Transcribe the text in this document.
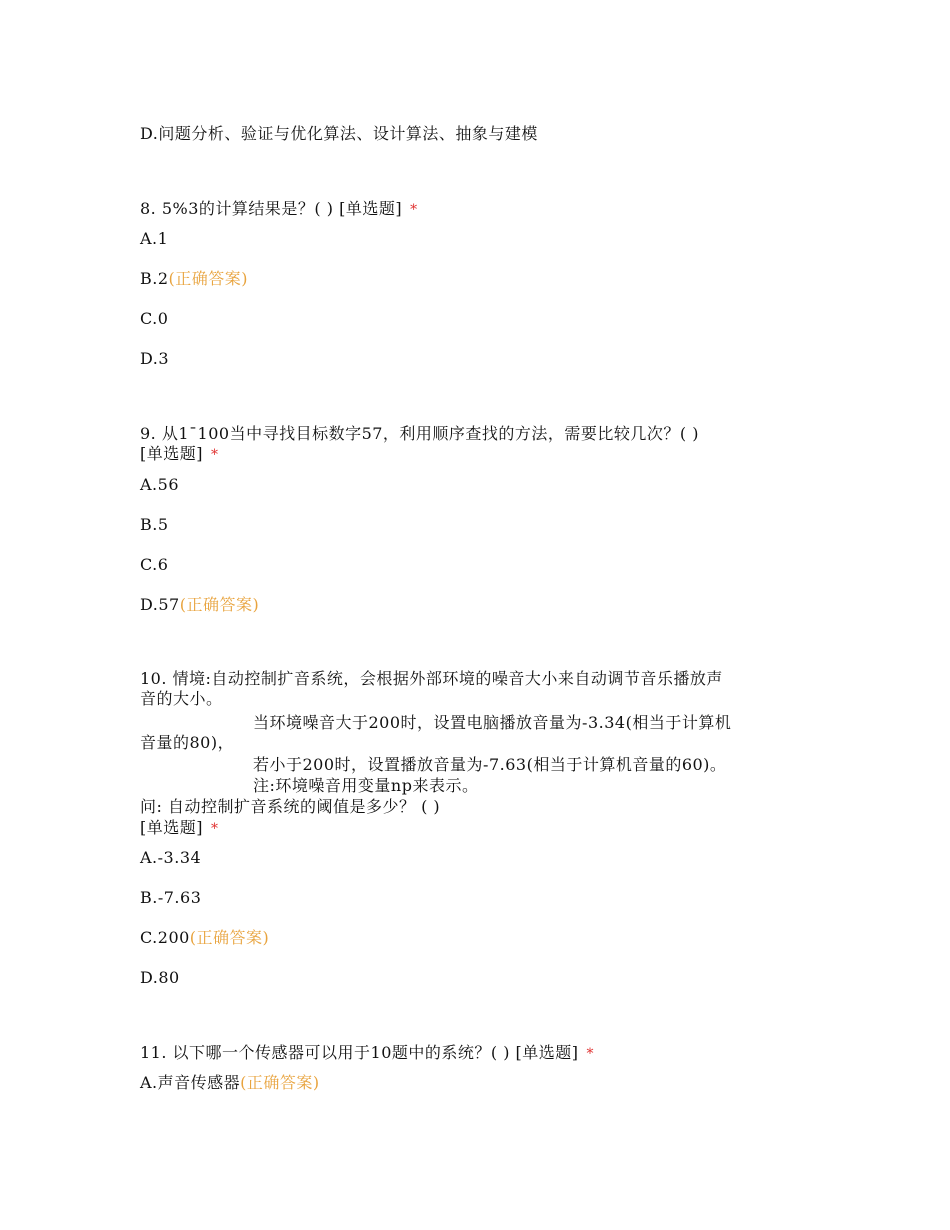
D.问题分析、验证与优化算法、设计算法、抽象与建模
8. 5%3的计算结果是？( ) [单选题] *
A.1
B.2(正确答案)
C.0
D.3
9. 从1¯100当中寻找目标数字57，利用顺序查找的方法，需要比较几次？( )
[单选题] *
A.56
B.5
C.6
D.57(正确答案)
10. 情境:自动控制扩音系统，会根据外部环境的噪音大小来自动调节音乐播放声
音的大小。
当环境噪音大于200时，设置电脑播放音量为-3.34(相当于计算机
音量的80)，
若小于200时，设置播放音量为-7.63(相当于计算机音量的60)。
注:环境噪音用变量np来表示。
问: 自动控制扩音系统的阈值是多少？ ( )
[单选题] *
A.-3.34
B.-7.63
C.200(正确答案)
D.80
11. 以下哪一个传感器可以用于10题中的系统？( ) [单选题] *
A.声音传感器(正确答案)
